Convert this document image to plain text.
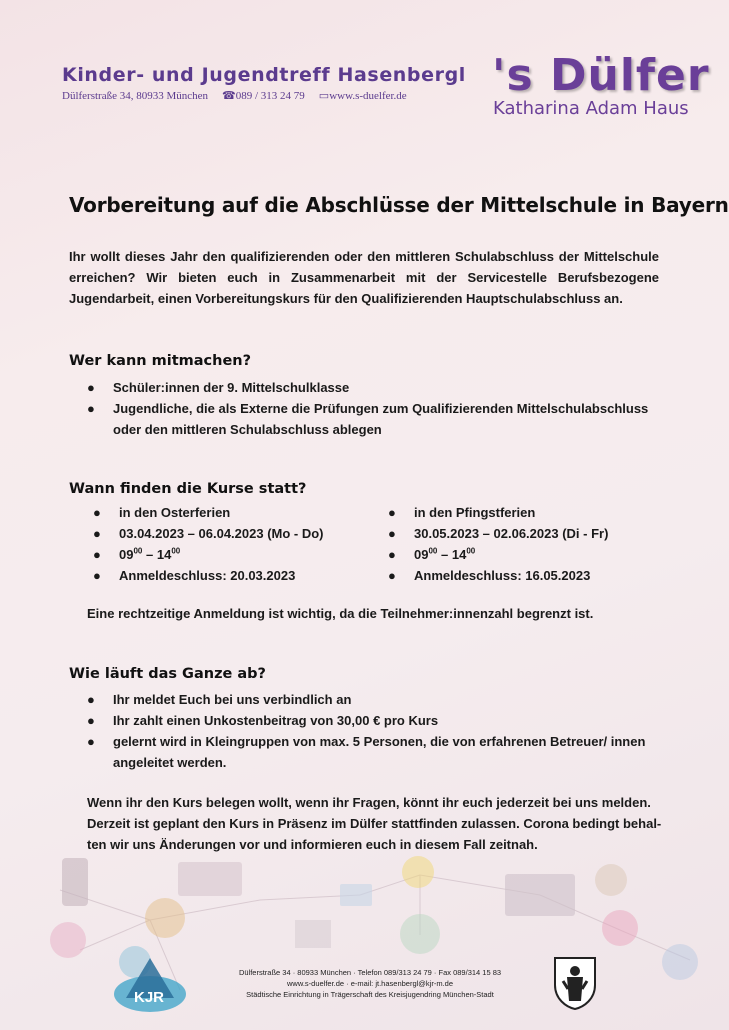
Kinder- und Jugendtreff Hasenbergl
Dülferstraße 34, 80933 München ☎089 / 313 24 79 ▭www.s-duelfer.de 's Dülfer
Katharina Adam Haus
Vorbereitung auf die Abschlüsse der Mittelschule in Bayern
Ihr wollt dieses Jahr den qualifizierenden oder den mittleren Schulabschluss der Mittelschule erreichen? Wir bieten euch in Zusammenarbeit mit der Servicestelle Berufsbezogene Jugendarbeit, einen Vorbereitungskurs für den Qualifizierenden Hauptschulabschluss an.
Wer kann mitmachen?
● Schüler:innen der 9. Mittelschulklasse
● Jugendliche, die als Externe die Prüfungen zum Qualifizierenden Mittelschulabschluss
oder den mittleren Schulabschluss ablegen
Wann finden die Kurse statt?
● in den Osterferien
● 03.04.2023 – 06.04.2023 (Mo - Do)
● $09^{00} - 14^{00}$
● Anmeldeschluss: 20.03.2023
● in den Pfingstferien
● 30.05.2023 – 02.06.2023 (Di - Fr)
● $09^{00} - 14^{00}$
● Anmeldeschluss: 16.05.2023
Eine rechtzeitige Anmeldung ist wichtig, da die Teilnehmer:innenzahl begrenzt ist.
Wie läuft das Ganze ab?
● Ihr meldet Euch bei uns verbindlich an
● Ihr zahlt einen Unkostenbeitrag von 30,00 € pro Kurs
● gelernt wird in Kleingruppen von max. 5 Personen, die von erfahrenen Betreuer/ innen
angeleitet werden.
Wenn ihr den Kurs belegen wollt, wenn ihr Fragen, könnt ihr euch jederzeit bei uns melden.
Derzeit ist geplant den Kurs in Präsenz im Dülfer stattfinden zulassen. Corona bedingt behal-
ten wir uns Änderungen vor und informieren euch in diesem Fall zeitnah.
KJR
Dülferstraße 34 · 80933 München · Telefon 089/313 24 79 · Fax 089/314 15 83
www.s-duelfer.de · e-mail: jt.hasenbergl@kjr-m.de
Städtische Einrichtung in Trägerschaft des Kreisjugendring München-Stadt
